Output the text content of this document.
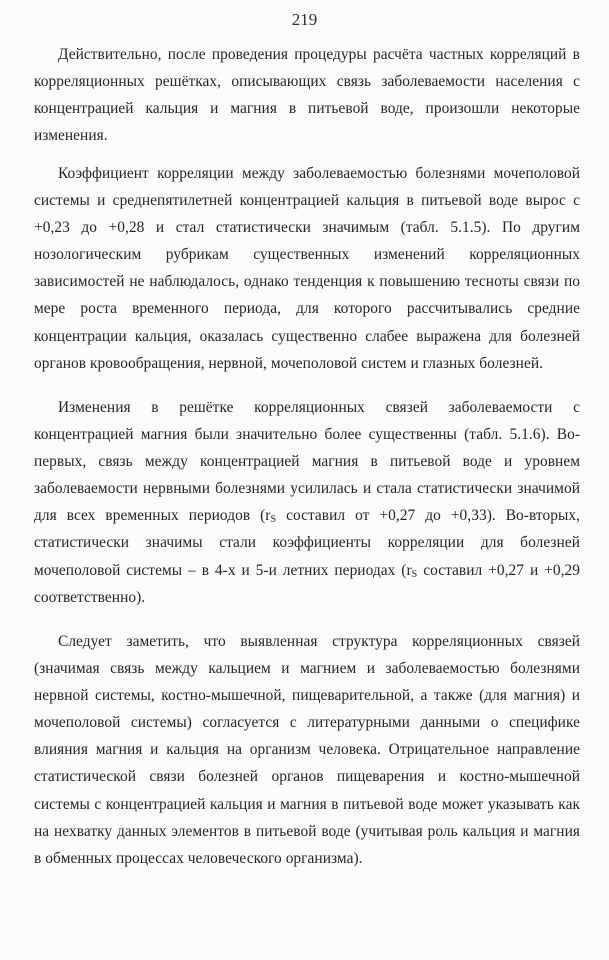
219

Действительно, после проведения процедуры расчёта частных корреляций в корреляционных решётках, описывающих связь заболеваемости населения с концентрацией кальция и магния в питьевой воде, произошли некоторые изменения.

Коэффициент корреляции между заболеваемостью болезнями мочеполовой системы и среднепятилетней концентрацией кальция в питьевой воде вырос с +0,23 до +0,28 и стал статистически значимым (табл. 5.1.5). По другим нозологическим рубрикам существенных изменений корреляционных зависимостей не наблюдалось, однако тенденция к повышению тесноты связи по мере роста временного периода, для которого рассчитывались средние концентрации кальция, оказалась существенно слабее выражена для болезней органов кровообращения, нервной, мочеполовой систем и глазных болезней.

Изменения в решётке корреляционных связей заболеваемости с концентрацией магния были значительно более существенны (табл. 5.1.6). Во-первых, связь между концентрацией магния в питьевой воде и уровнем заболеваемости нервными болезнями усилилась и стала статистически значимой для всех временных периодов ($r_S$ составил от +0,27 до +0,33). Во-вторых, статистически значимы стали коэффициенты корреляции для болезней мочеполовой системы – в 4-х и 5-и летних периодах ($r_S$ составил +0,27 и +0,29 соответственно).

Следует заметить, что выявленная структура корреляционных связей (значимая связь между кальцием и магнием и заболеваемостью болезнями нервной системы, костно-мышечной, пищеварительной, а также (для магния) и мочеполовой системы) согласуется с литературными данными о специфике влияния магния и кальция на организм человека. Отрицательное направление статистической связи болезней органов пищеварения и костно-мышечной системы с концентрацией кальция и магния в питьевой воде может указывать как на нехватку данных элементов в питьевой воде (учитывая роль кальция и магния в обменных процессах человеческого организма).
